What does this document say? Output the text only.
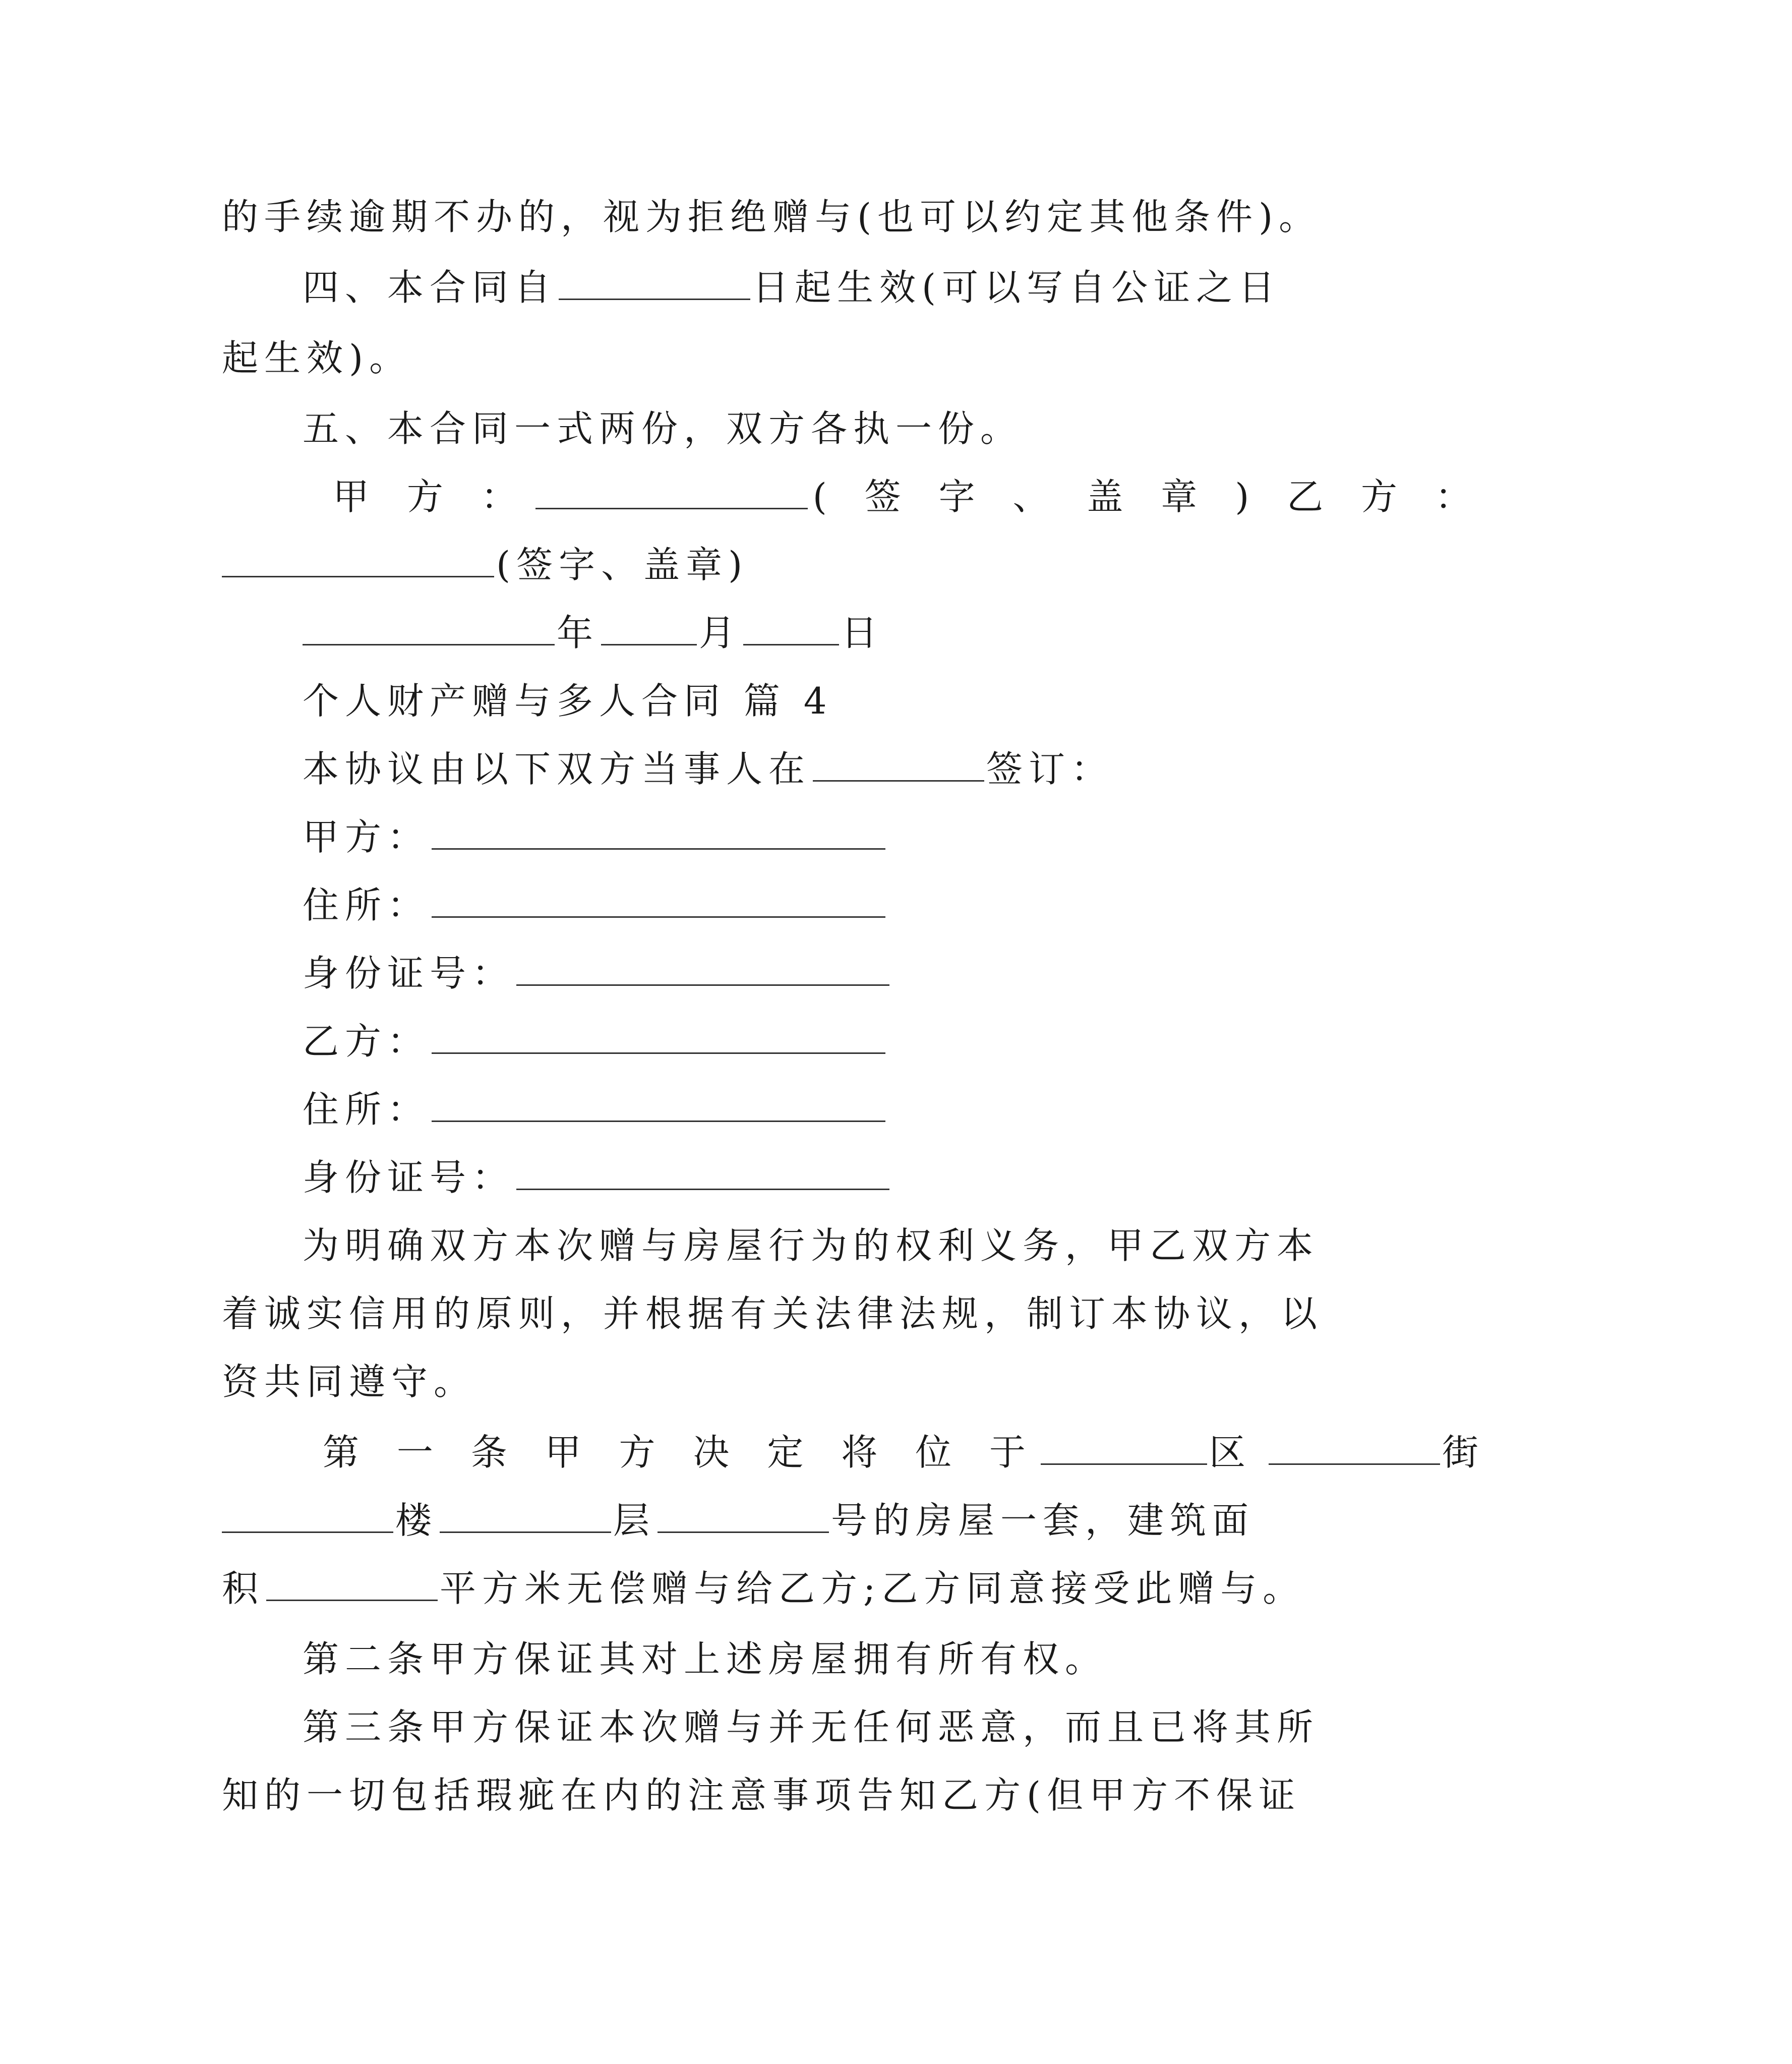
的手续逾期不办的，视为拒绝赠与(也可以约定其他条件)。
四、本合同自	日起生效(可以写自公证之日
起生效)。
五、本合同一式两份，双方各执一份。
甲 方 ：	( 签 字 、 盖 章 ) 乙 方 ：
(签字、盖章)
年	月	日
个人财产赠与多人合同 篇 4
本协议由以下双方当事人在	签订：
甲方：
住所：
身份证号：
乙方：
住所：
身份证号：
为明确双方本次赠与房屋行为的权利义务，甲乙双方本
着诚实信用的原则，并根据有关法律法规，制订本协议，以
资共同遵守。
第 一 条 甲 方 决 定 将 位 于	区	街
楼	层	号的房屋一套，建筑面
积	平方米无偿赠与给乙方;乙方同意接受此赠与。
第二条甲方保证其对上述房屋拥有所有权。
第三条甲方保证本次赠与并无任何恶意，而且已将其所
知的一切包括瑕疵在内的注意事项告知乙方(但甲方不保证
